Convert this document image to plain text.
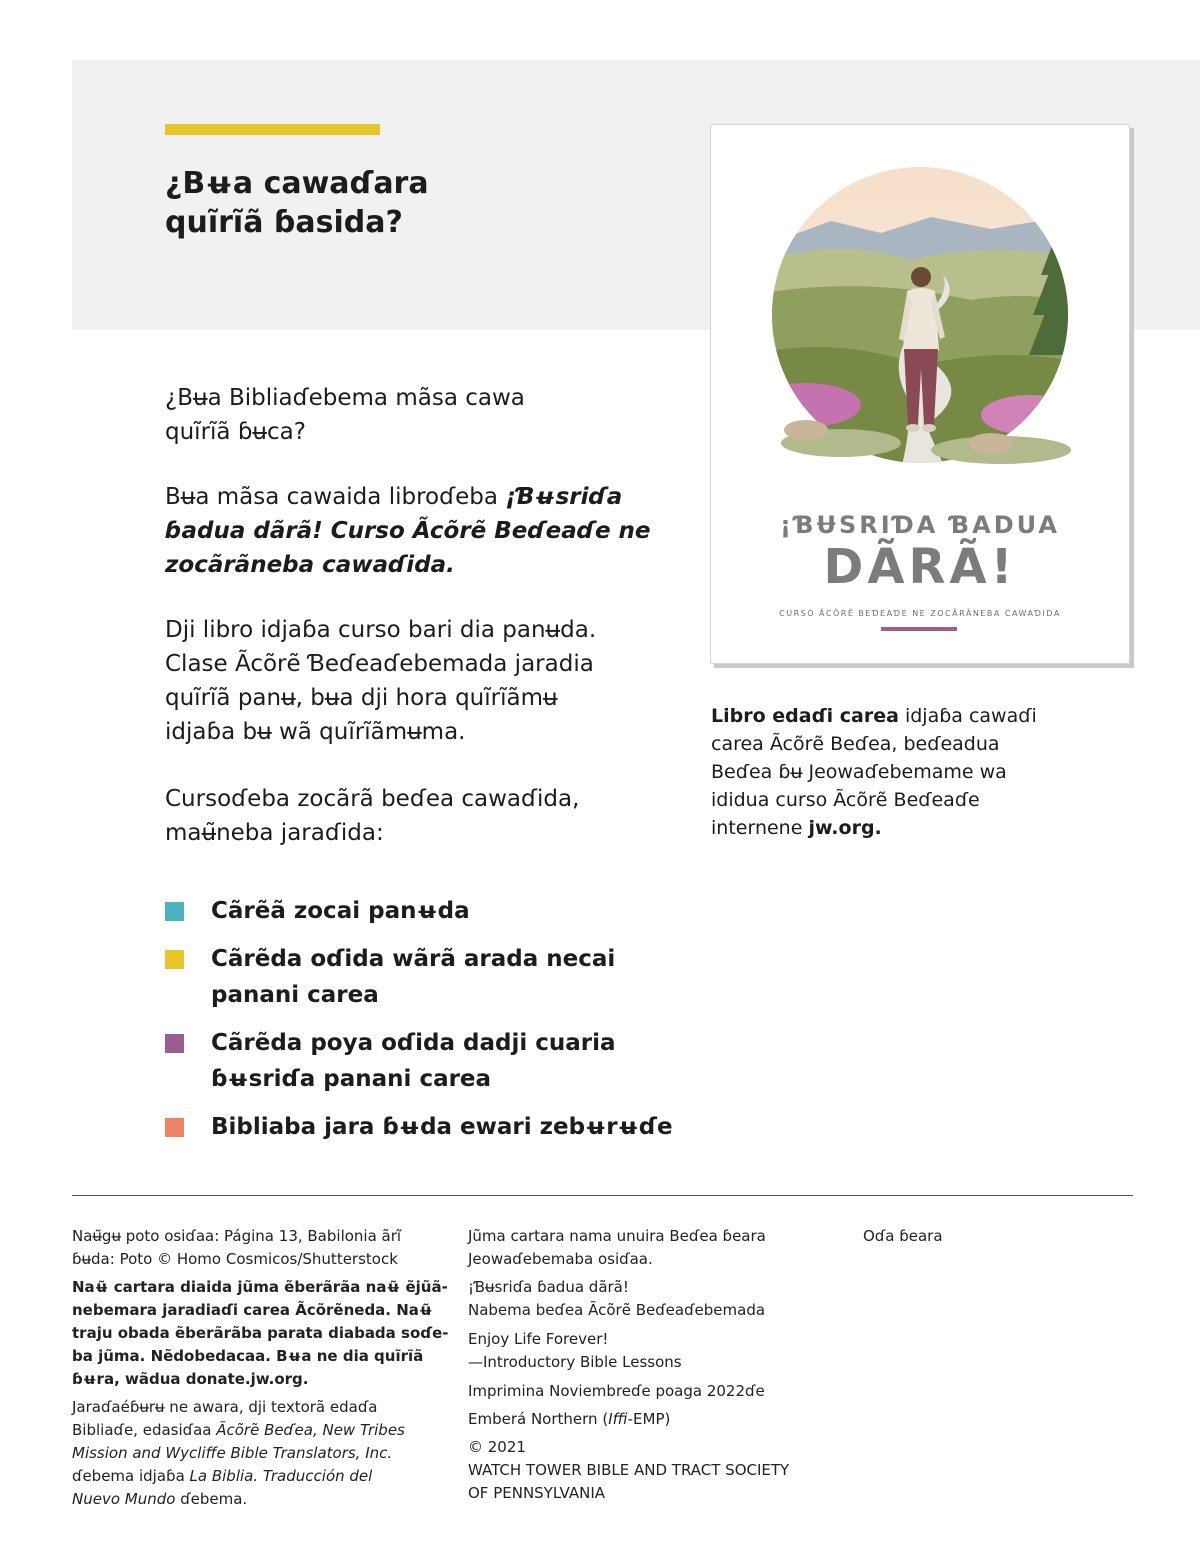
¿Bʉa cawaɗara
quĩrĩã ɓasida?

¿Bʉa Bibliaɗebema mãsa cawa
quĩrĩã ɓʉca?

Bʉa mãsa cawaida libroɗeba ¡Ɓʉsriɗa
ɓadua dãrã! Curso Ãcõrẽ Beɗeaɗe ne
zocãrãneba cawaɗida.

Dji libro idjaɓa curso bari dia panʉda.
Clase Ãcõrẽ Ɓeɗeaɗebemada jaradia
quĩrĩã panʉ, bʉa dji hora quĩrĩãmʉ
idjaɓa bʉ wã quĩrĩãmʉma.

Cursoɗeba zocãrã beɗea cawaɗida,
maʉ̃neba jaraɗida:

Cãrẽã zocai panʉda
Cãrẽda oɗida wãrã arada necai
panani carea
Cãrẽda poya oɗida dadji cuaria
ɓʉsriɗa panani carea
Bibliaba jara ɓʉda ewari zebʉrʉɗe

¡ƁɄSRIƊA ƁADUA

DÃRÃ!

CURSO ÃCÕRẼ BEƊEAƊE NE ZOCÃRÃNEBA CAWAƊIDA

Libro edaɗi carea idjaɓa cawaɗi
carea Ãcõrẽ Beɗea, beɗeadua
Beɗea ɓʉ Jeowaɗebemame wa
ididua curso Ãcõrẽ Beɗeaɗe
internene jw.org.

Naʉ̃gʉ poto osiɗaa: Página 13, Babilonia ãrĩ
ɓʉda: Poto © Homo Cosmicos/Shutterstock

Naʉ̃ cartara diaida jũma ẽberãrãa naʉ̃ ẽjũã-
nebemara jaradiaɗi carea Ãcõrẽneda. Naʉ̃
traju obada ẽberãrãba parata diabada soɗe-
ba jũma. Nẽdobedacaa. Bʉa ne dia quĩrĩã
ɓʉra, wãdua donate.jw.org.

Jaraɗaéɓʉrʉ ne awara, dji textorã edaɗa
Bibliaɗe, edasiɗaa Ãcõrẽ Beɗea, New Tribes
Mission and Wycliffe Bible Translators, Inc.
ɗebema idjaɓa La Biblia. Traducción del
Nuevo Mundo ɗebema.

Jũma cartara nama unuira Beɗea ɓeara
Jeowaɗebemaba osiɗaa.

¡Ɓʉsriɗa ɓadua dãrã!
Nabema beɗea Ãcõrẽ Beɗeaɗebemada

Enjoy Life Forever!
—Introductory Bible Lessons

Imprimina Noviembreɗe poaga 2022ɗe

Emberá Northern (Iffi-EMP)

© 2021
WATCH TOWER BIBLE AND TRACT SOCIETY
OF PENNSYLVANIA

Oɗa ɓeara
